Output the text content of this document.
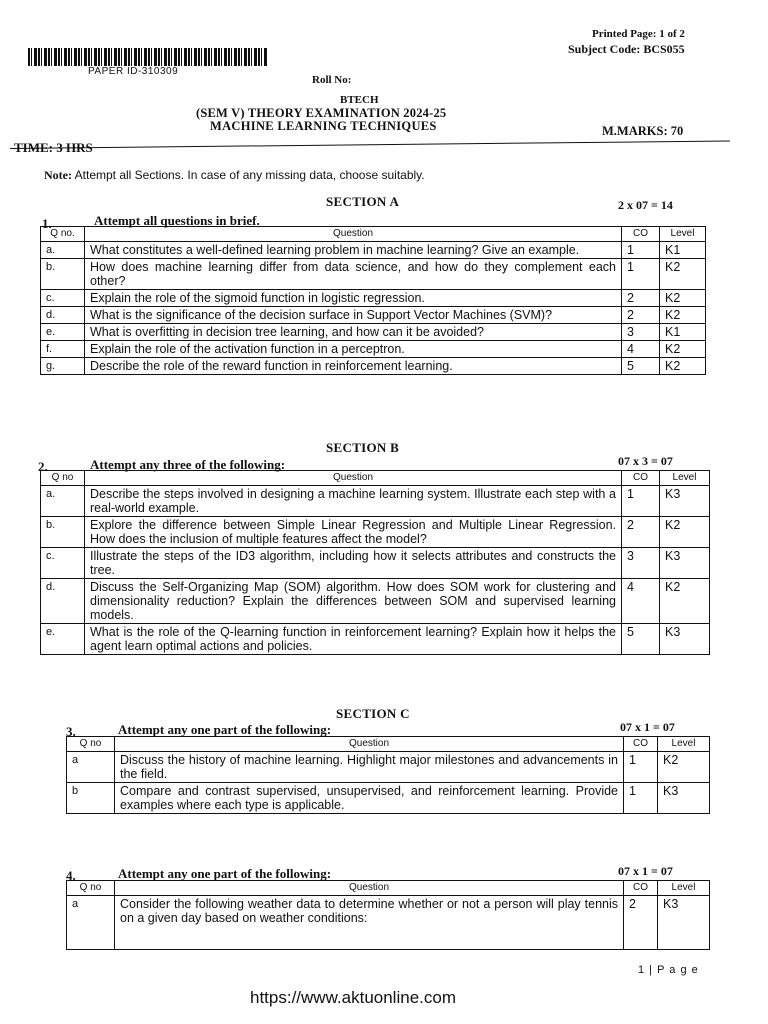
PAPER ID-310309
Printed Page: 1 of 2
Subject Code: BCS055
Roll No:
BTECH
(SEM V) THEORY EXAMINATION 2024-25
MACHINE LEARNING TECHNIQUES	M.MARKS: 70
TIME: 3 HRS
Note: Attempt all Sections. In case of any missing data, choose suitably.
SECTION A	2 x 07 = 14
1.	Attempt all questions in brief.
Q no.	Question	CO	Level
a.	What constitutes a well-defined learning problem in machine learning? Give an example.	1	K1
b.	How does machine learning differ from data science, and how do they complement each other?	1	K2
c.	Explain the role of the sigmoid function in logistic regression.	2	K2
d.	What is the significance of the decision surface in Support Vector Machines (SVM)?	2	K2
e.	What is overfitting in decision tree learning, and how can it be avoided?	3	K1
f.	Explain the role of the activation function in a perceptron.	4	K2
g.	Describe the role of the reward function in reinforcement learning.	5	K2
SECTION B
07 x 3 = 07
2.	Attempt any three of the following:
Q no	Question	CO	Level
a.	Describe the steps involved in designing a machine learning system. Illustrate each step with a real-world example.	1	K3
b.	Explore the difference between Simple Linear Regression and Multiple Linear Regression. How does the inclusion of multiple features affect the model?	2	K2
c.	Illustrate the steps of the ID3 algorithm, including how it selects attributes and constructs the tree.	3	K3
d.	Discuss the Self-Organizing Map (SOM) algorithm. How does SOM work for clustering and dimensionality reduction? Explain the differences between SOM and supervised learning models.	4	K2
e.	What is the role of the Q-learning function in reinforcement learning? Explain how it helps the agent learn optimal actions and policies.	5	K3
SECTION C
3.	Attempt any one part of the following:	07 x 1 = 07
Q no	Question	CO	Level
a	Discuss the history of machine learning. Highlight major milestones and advancements in the field.	1	K2
b	Compare and contrast supervised, unsupervised, and reinforcement learning. Provide examples where each type is applicable.	1	K3
4.	Attempt any one part of the following:	07 x 1 = 07
Q no	Question	CO	Level
a	Consider the following weather data to determine whether or not a person will play tennis on a given day based on weather conditions:	2	K3
1 | P a g e
https://www.aktuonline.com
